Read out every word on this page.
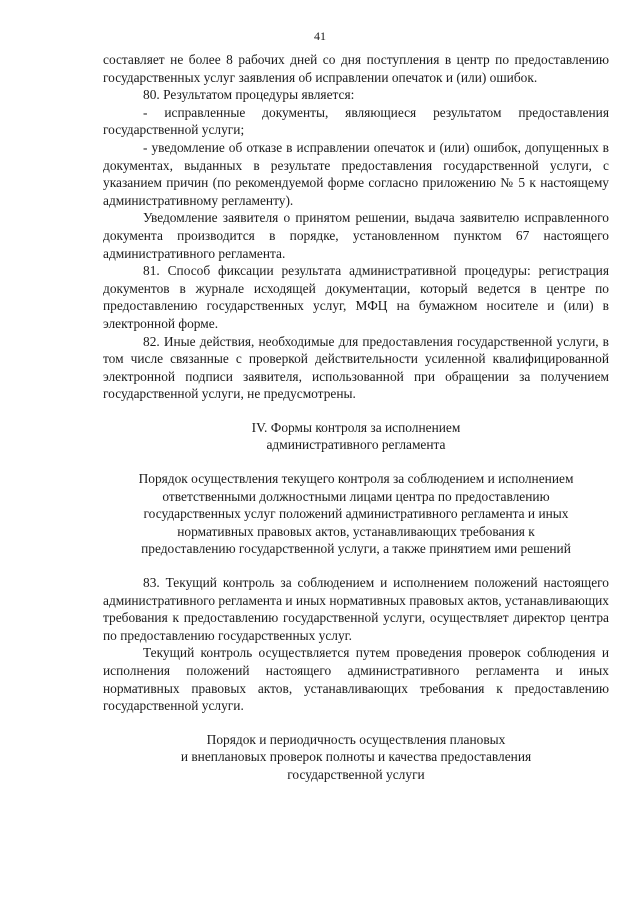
41

составляет не более 8 рабочих дней со дня поступления в центр по предоставлению государственных услуг заявления об исправлении опечаток и (или) ошибок.

80. Результатом процедуры является:

- исправленные документы, являющиеся результатом предоставления государственной услуги;

- уведомление об отказе в исправлении опечаток и (или) ошибок, допущенных в документах, выданных в результате предоставления государственной услуги, с указанием причин (по рекомендуемой форме согласно приложению № 5 к настоящему административному регламенту).

Уведомление заявителя о принятом решении, выдача заявителю исправленного документа производится в порядке, установленном пунктом 67 настоящего административного регламента.

81. Способ фиксации результата административной процедуры: регистрация документов в журнале исходящей документации, который ведется в центре по предоставлению государственных услуг, МФЦ на бумажном носителе и (или) в электронной форме.

82. Иные действия, необходимые для предоставления государственной услуги, в том числе связанные с проверкой действительности усиленной квалифицированной электронной подписи заявителя, использованной при обращении за получением государственной услуги, не предусмотрены.

IV. Формы контроля за исполнением

административного регламента

Порядок осуществления текущего контроля за соблюдением и исполнением

ответственными должностными лицами центра по предоставлению

государственных услуг положений административного регламента и иных

нормативных правовых актов, устанавливающих требования к

предоставлению государственной услуги, а также принятием ими решений

83. Текущий контроль за соблюдением и исполнением положений настоящего административного регламента и иных нормативных правовых актов, устанавливающих требования к предоставлению государственной услуги, осуществляет директор центра по предоставлению государственных услуг.

Текущий контроль осуществляется путем проведения проверок соблюдения и исполнения положений настоящего административного регламента и иных нормативных правовых актов, устанавливающих требования к предоставлению государственной услуги.

Порядок и периодичность осуществления плановых

и внеплановых проверок полноты и качества предоставления

государственной услуги
